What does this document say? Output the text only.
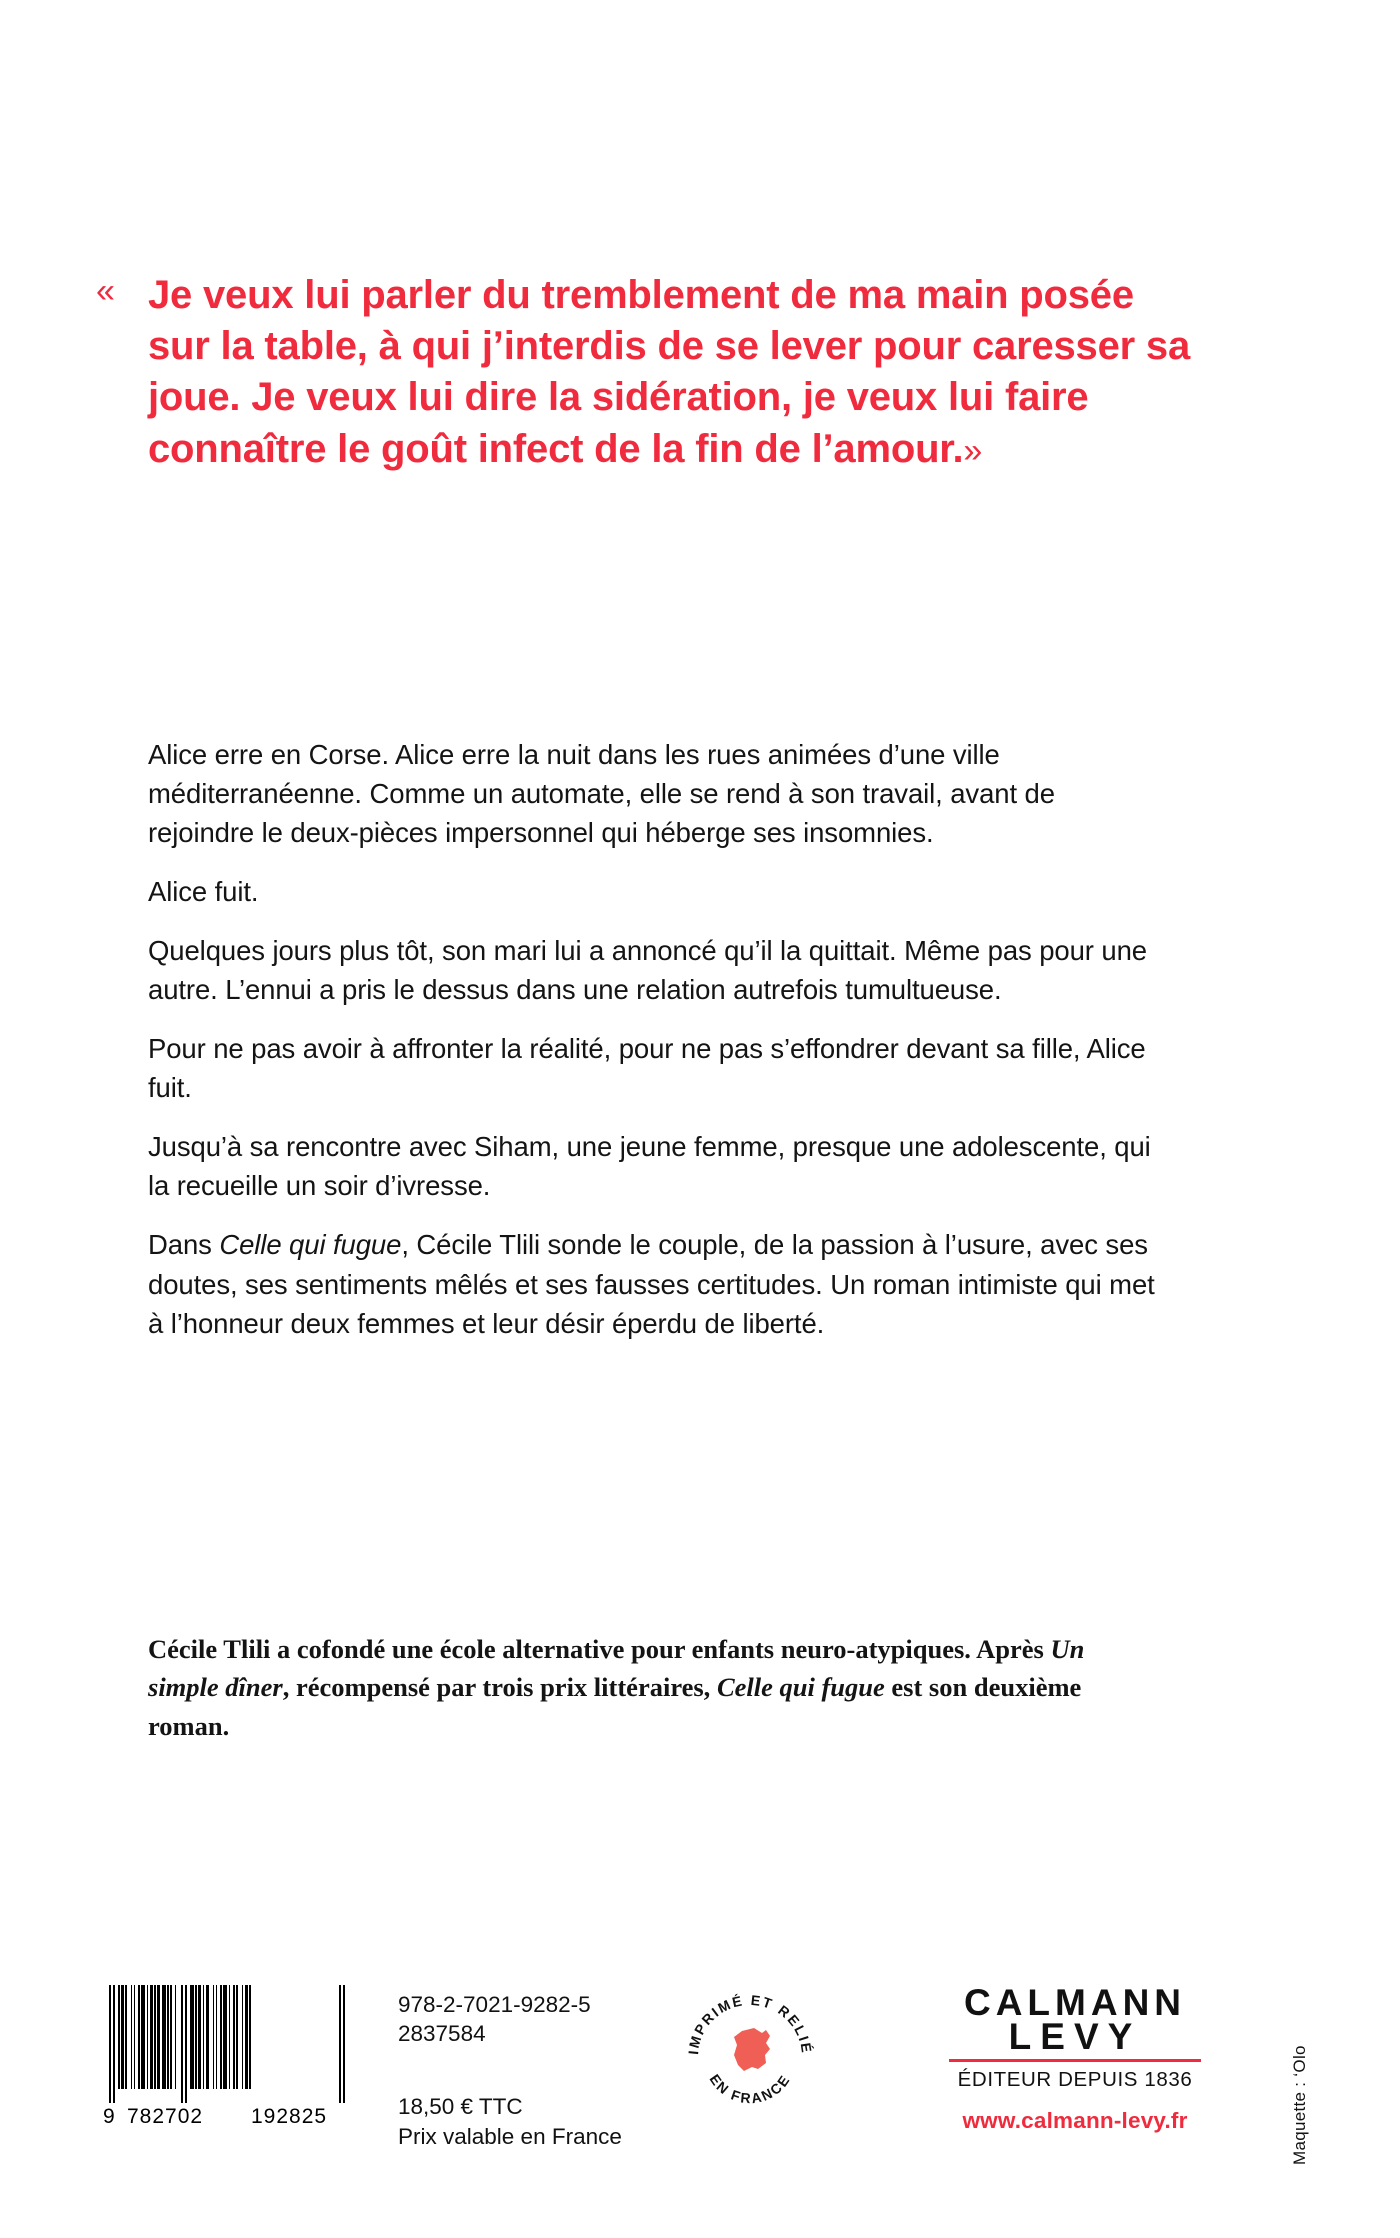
« Je veux lui parler du tremblement de ma main posée sur la table, à qui j’interdis de se lever pour caresser sa joue. Je veux lui dire la sidération, je veux lui faire connaître le goût infect de la fin de l’amour.»

Alice erre en Corse. Alice erre la nuit dans les rues animées d’une ville méditerranéenne. Comme un automate, elle se rend à son travail, avant de rejoindre le deux-pièces impersonnel qui héberge ses insomnies.

Alice fuit.

Quelques jours plus tôt, son mari lui a annoncé qu’il la quittait. Même pas pour une autre. L’ennui a pris le dessus dans une relation autrefois tumultueuse.

Pour ne pas avoir à affronter la réalité, pour ne pas s’effondrer devant sa fille, Alice fuit.

Jusqu’à sa rencontre avec Siham, une jeune femme, presque une adolescente, qui la recueille un soir d’ivresse.

Dans Celle qui fugue, Cécile Tlili sonde le couple, de la passion à l’usure, avec ses doutes, ses sentiments mêlés et ses fausses certitudes. Un roman intimiste qui met à l’honneur deux femmes et leur désir éperdu de liberté.

Cécile Tlili a cofondé une école alternative pour enfants neuro-atypiques. Après Un simple dîner, récompensé par trois prix littéraires, Celle qui fugue est son deuxième roman.
9 782702 192825
978-2-7021-9282-5
2837584
18,50 € TTC
Prix valable en France
IMPRIMÉ ET RELIÉ
EN FRANCE
CALMANN
LEVY
ÉDITEUR DEPUIS 1836
www.calmann-levy.fr	Maquette : ‘Olo
